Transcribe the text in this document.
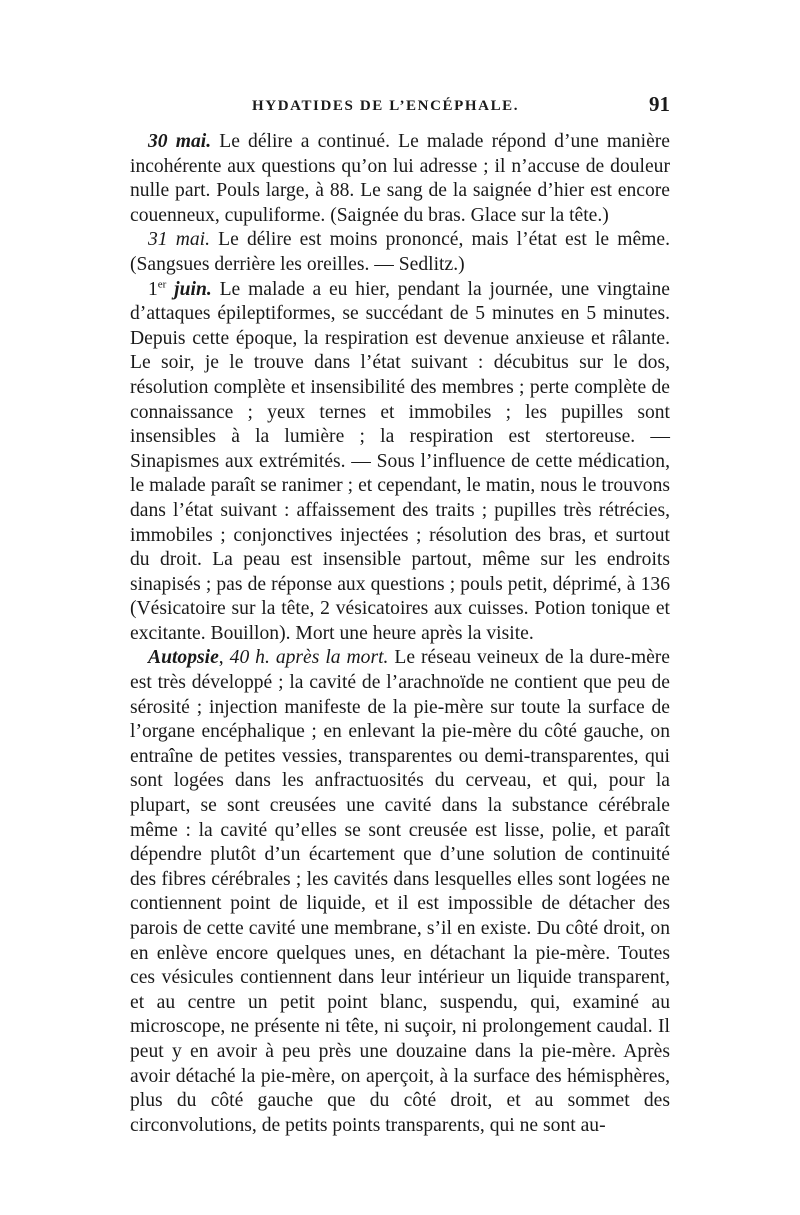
HYDATIDES DE L’ENCÉPHALE.	91

30 mai. Le délire a continué. Le malade répond d’une manière incohérente aux questions qu’on lui adresse ; il n’accuse de douleur nulle part. Pouls large, à 88. Le sang de la saignée d’hier est encore couenneux, cupuliforme. (Saignée du bras. Glace sur la tête.)

31 mai. Le délire est moins prononcé, mais l’état est le même. (Sangsues derrière les oreilles. — Sedlitz.)

1er juin. Le malade a eu hier, pendant la journée, une vingtaine d’attaques épileptiformes, se succédant de 5 minutes en 5 minutes. Depuis cette époque, la respiration est devenue anxieuse et râlante. Le soir, je le trouve dans l’état suivant : décubitus sur le dos, résolution complète et insensibilité des membres ; perte complète de connaissance ; yeux ternes et immobiles ; les pupilles sont insensibles à la lumière ; la respiration est stertoreuse. — Sinapismes aux extrémités. — Sous l’influence de cette médication, le malade paraît se ranimer ; et cependant, le matin, nous le trouvons dans l’état suivant : affaissement des traits ; pupilles très rétrécies, immobiles ; conjonctives injectées ; résolution des bras, et surtout du droit. La peau est insensible partout, même sur les endroits sinapisés ; pas de réponse aux questions ; pouls petit, déprimé, à 136 (Vésicatoire sur la tête, 2 vésicatoires aux cuisses. Potion tonique et excitante. Bouillon). Mort une heure après la visite.

Autopsie, 40 h. après la mort. Le réseau veineux de la dure-mère est très développé ; la cavité de l’arachnoïde ne contient que peu de sérosité ; injection manifeste de la pie-mère sur toute la surface de l’organe encéphalique ; en enlevant la pie-mère du côté gauche, on entraîne de petites vessies, transparentes ou demi-transparentes, qui sont logées dans les anfractuosités du cerveau, et qui, pour la plupart, se sont creusées une cavité dans la substance cérébrale même : la cavité qu’elles se sont creusée est lisse, polie, et paraît dépendre plutôt d’un écartement que d’une solution de continuité des fibres cérébrales ; les cavités dans lesquelles elles sont logées ne contiennent point de liquide, et il est impossible de détacher des parois de cette cavité une membrane, s’il en existe. Du côté droit, on en enlève encore quelques unes, en détachant la pie-mère. Toutes ces vésicules contiennent dans leur intérieur un liquide transparent, et au centre un petit point blanc, suspendu, qui, examiné au microscope, ne présente ni tête, ni suçoir, ni prolongement caudal. Il peut y en avoir à peu près une douzaine dans la pie-mère. Après avoir détaché la pie-mère, on aperçoit, à la surface des hémisphères, plus du côté gauche que du côté droit, et au sommet des circonvolutions, de petits points transparents, qui ne sont au-
